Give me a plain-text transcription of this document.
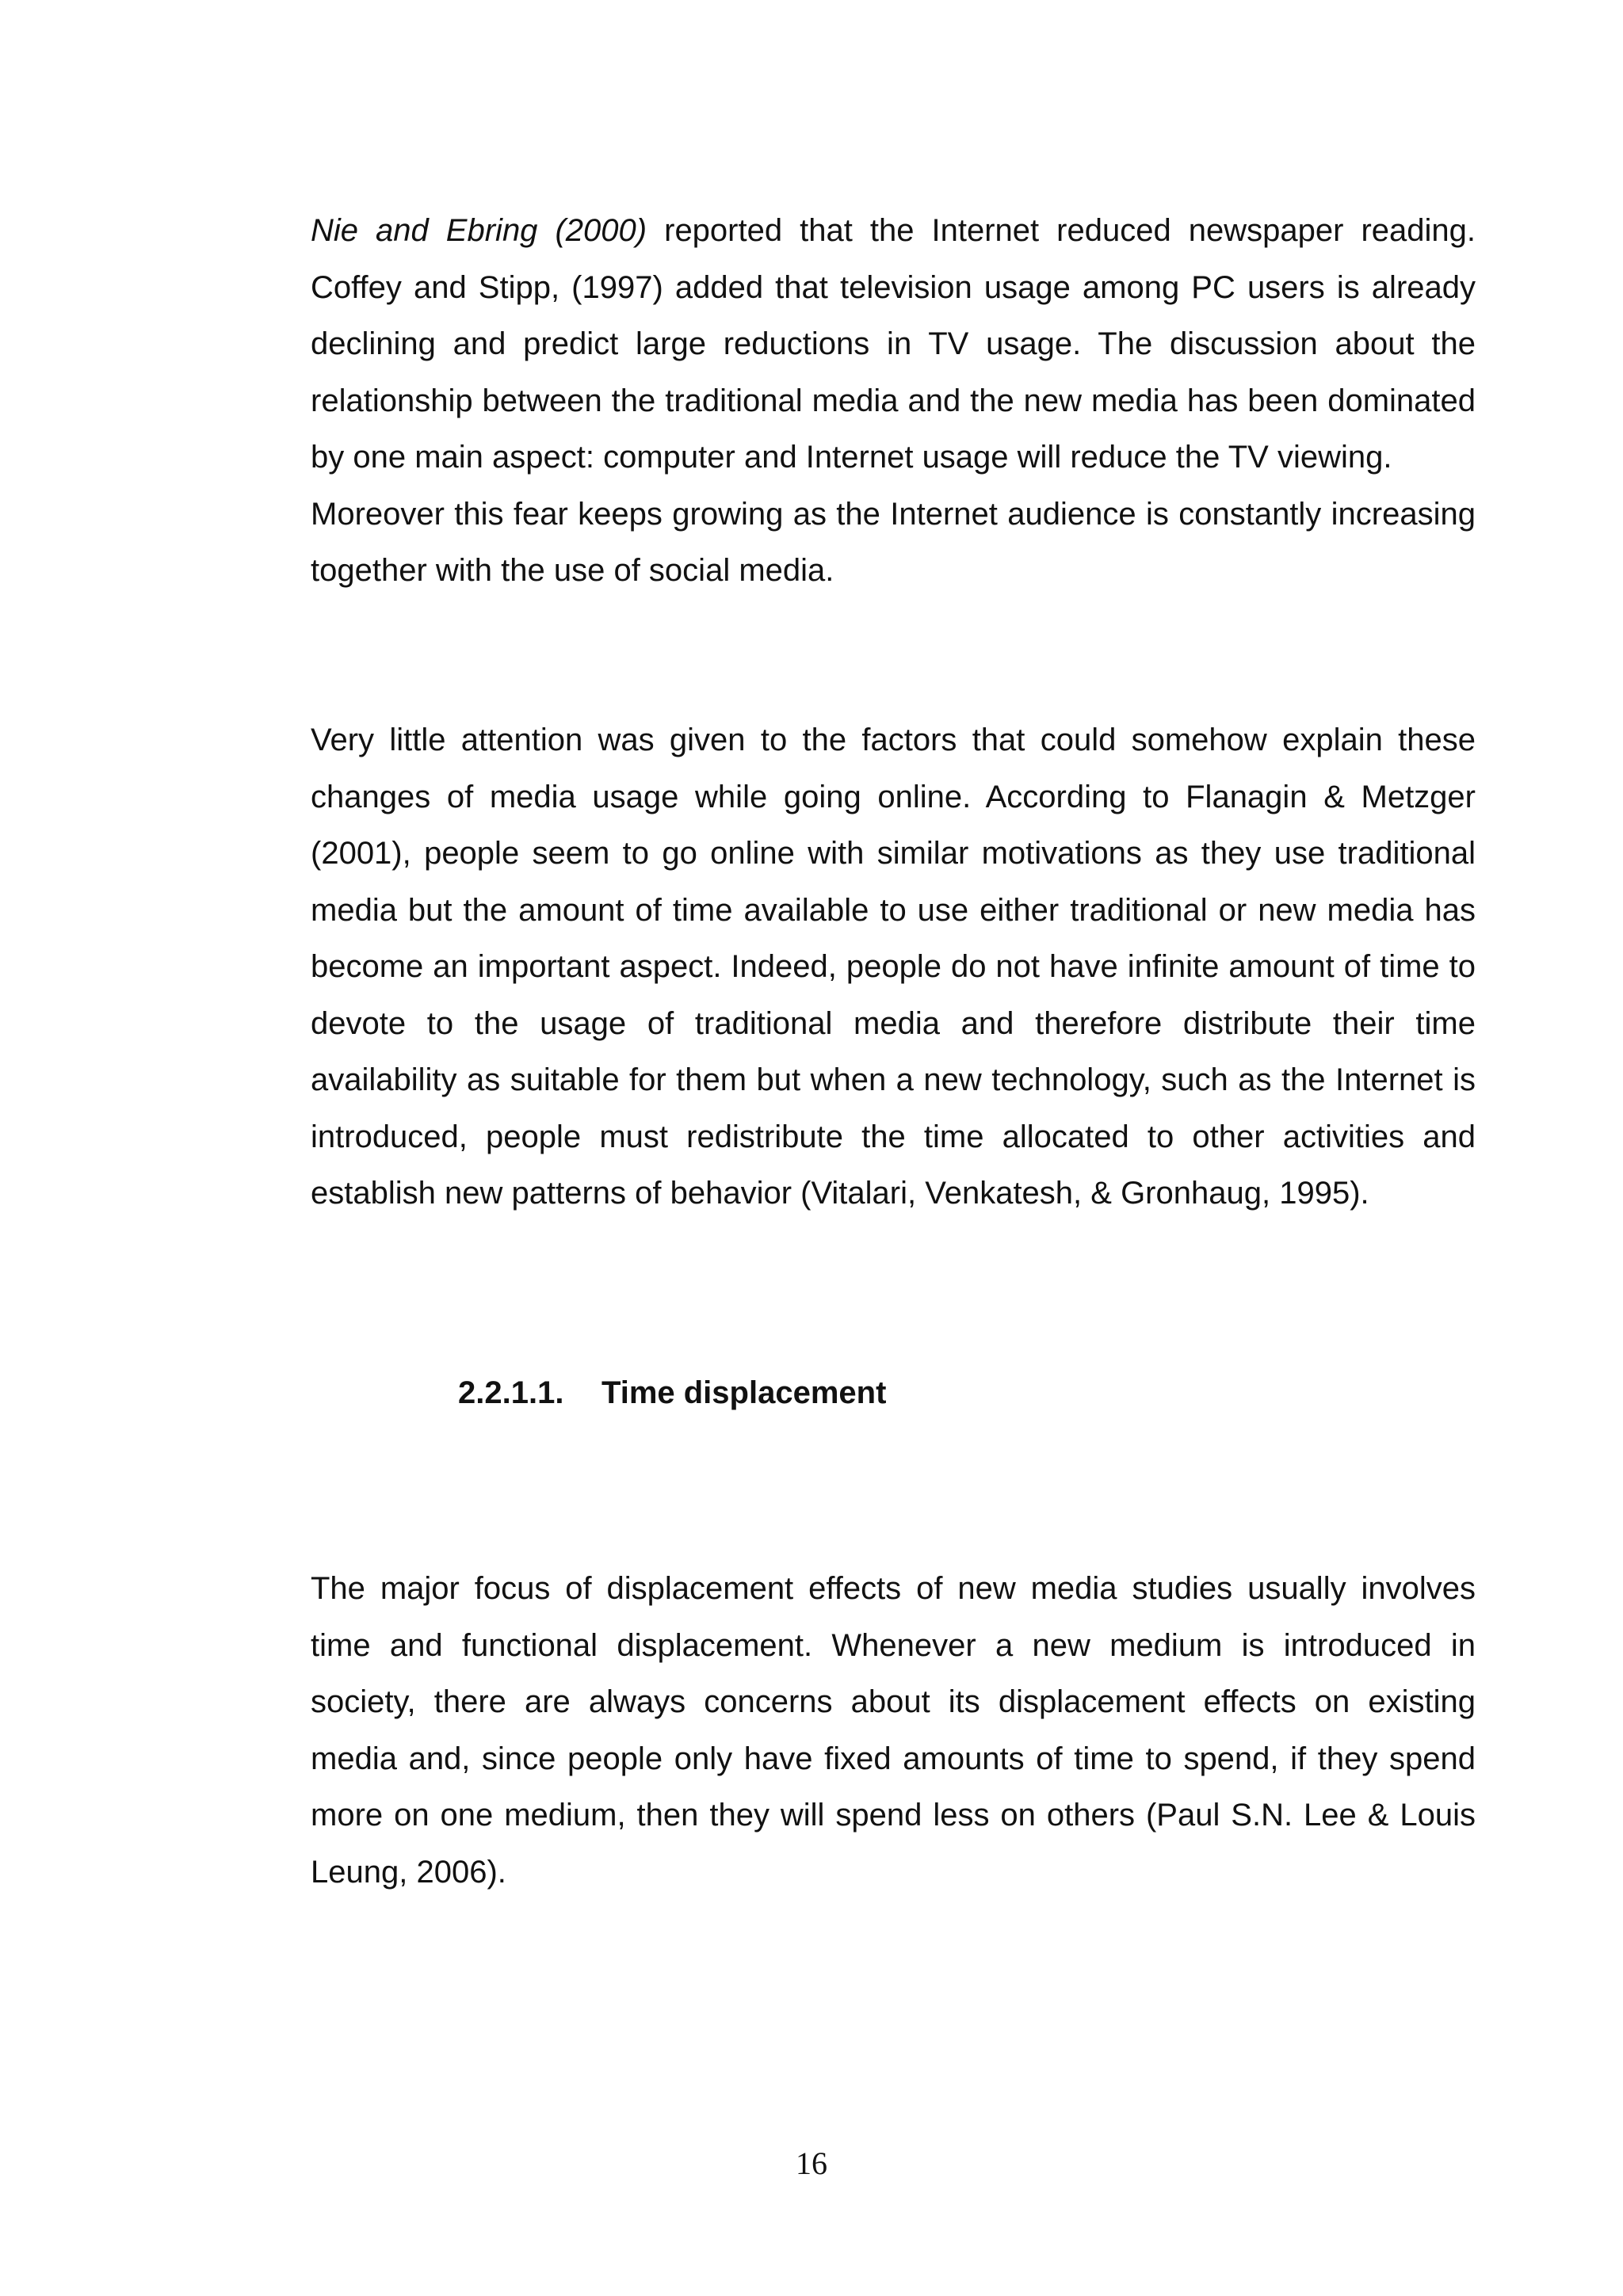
Nie and Ebring (2000) reported that the Internet reduced newspaper reading. Coffey and Stipp, (1997) added that television usage among PC users is already declining and predict large reductions in TV usage. The discussion about the relationship between the traditional media and the new media has been dominated by one main aspect: computer and Internet usage will reduce the TV viewing.

Moreover this fear keeps growing as the Internet audience is constantly increasing together with the use of social media.

Very little attention was given to the factors that could somehow explain these changes of media usage while going online. According to Flanagin & Metzger (2001), people seem to go online with similar motivations as they use traditional media but the amount of time available to use either traditional or new media has become an important aspect. Indeed, people do not have infinite amount of time to devote to the usage of traditional media and therefore distribute their time availability as suitable for them but when a new technology, such as the Internet is introduced, people must redistribute the time allocated to other activities and establish new patterns of behavior (Vitalari, Venkatesh, & Gronhaug, 1995).

2.2.1.1. Time displacement

The major focus of displacement effects of new media studies usually involves time and functional displacement. Whenever a new medium is introduced in society, there are always concerns about its displacement effects on existing media and, since people only have fixed amounts of time to spend, if they spend more on one medium, then they will spend less on others (Paul S.N. Lee & Louis Leung, 2006).

16
